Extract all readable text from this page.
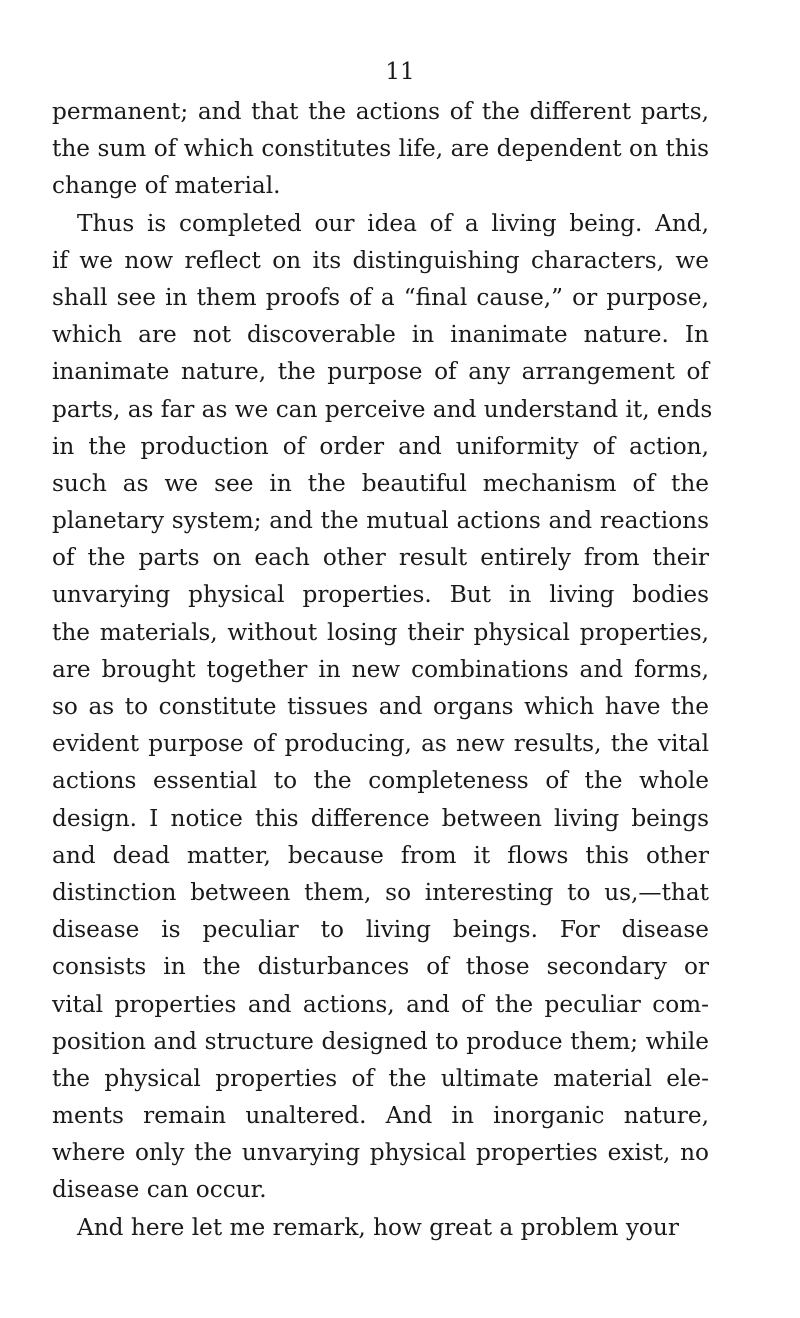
11
permanent; and that the actions of the different parts,
the sum of which constitutes life, are dependent on this
change of material.
Thus is completed our idea of a living being. And,
if we now reflect on its distinguishing characters, we
shall see in them proofs of a “final cause,” or purpose,
which are not discoverable in inanimate nature. In
inanimate nature, the purpose of any arrangement of
parts, as far as we can perceive and understand it, ends
in the production of order and uniformity of action,
such as we see in the beautiful mechanism of the
planetary system; and the mutual actions and reactions
of the parts on each other result entirely from their
unvarying physical properties. But in living bodies
the materials, without losing their physical properties,
are brought together in new combinations and forms,
so as to constitute tissues and organs which have the
evident purpose of producing, as new results, the vital
actions essential to the completeness of the whole
design. I notice this difference between living beings
and dead matter, because from it flows this other
distinction between them, so interesting to us,—that
disease is peculiar to living beings. For disease
consists in the disturbances of those secondary or
vital properties and actions, and of the peculiar com-
position and structure designed to produce them; while
the physical properties of the ultimate material ele-
ments remain unaltered. And in inorganic nature,
where only the unvarying physical properties exist, no
disease can occur.
And here let me remark, how great a problem your
